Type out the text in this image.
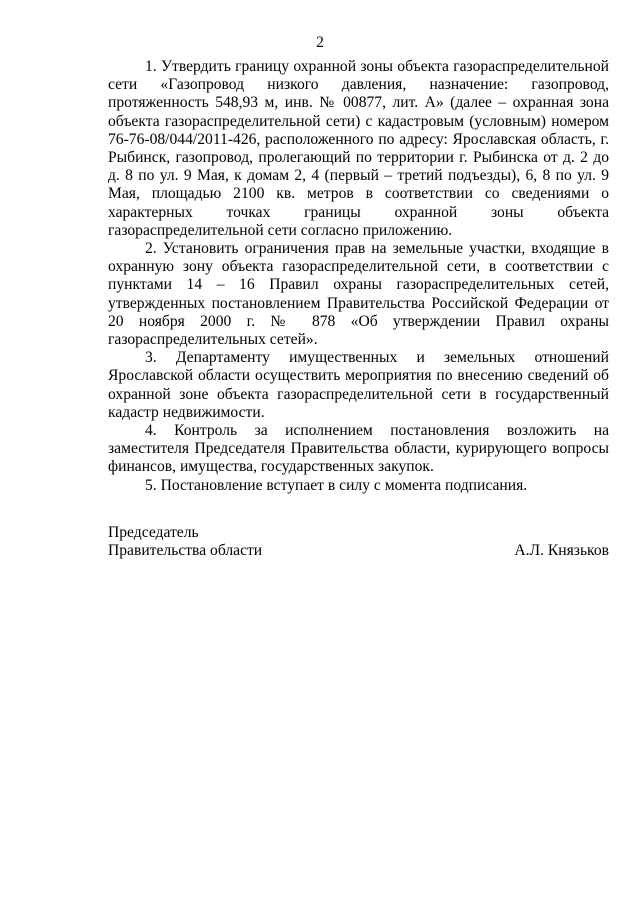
2

1. Утвердить границу охранной зоны объекта газораспределительной сети «Газопровод низкого давления, назначение: газопровод, протяженность 548,93 м, инв. № 00877, лит. А» (далее – охранная зона объекта газораспределительной сети) с кадастровым (условным) номером 76-76-08/044/2011-426, расположенного по адресу: Ярославская область, г. Рыбинск, газопровод, пролегающий по территории г. Рыбинска от д. 2 до д. 8 по ул. 9 Мая, к домам 2, 4 (первый – третий подъезды), 6, 8 по ул. 9 Мая, площадью 2100 кв. метров в соответствии со сведениями о характерных точках границы охранной зоны объекта газораспределительной сети согласно приложению.

2. Установить ограничения прав на земельные участки, входящие в охранную зону объекта газораспределительной сети, в соответствии с пунктами 14 – 16 Правил охраны газораспределительных сетей, утвержденных постановлением Правительства Российской Федерации от 20 ноября 2000 г. № 878 «Об утверждении Правил охраны газораспределительных сетей».

3. Департаменту имущественных и земельных отношений Ярославской области осуществить мероприятия по внесению сведений об охранной зоне объекта газораспределительной сети в государственный кадастр недвижимости.

4. Контроль за исполнением постановления возложить на заместителя Председателя Правительства области, курирующего вопросы финансов, имущества, государственных закупок.

5. Постановление вступает в силу с момента подписания.

Председатель

Правительства области	А.Л. Князьков
